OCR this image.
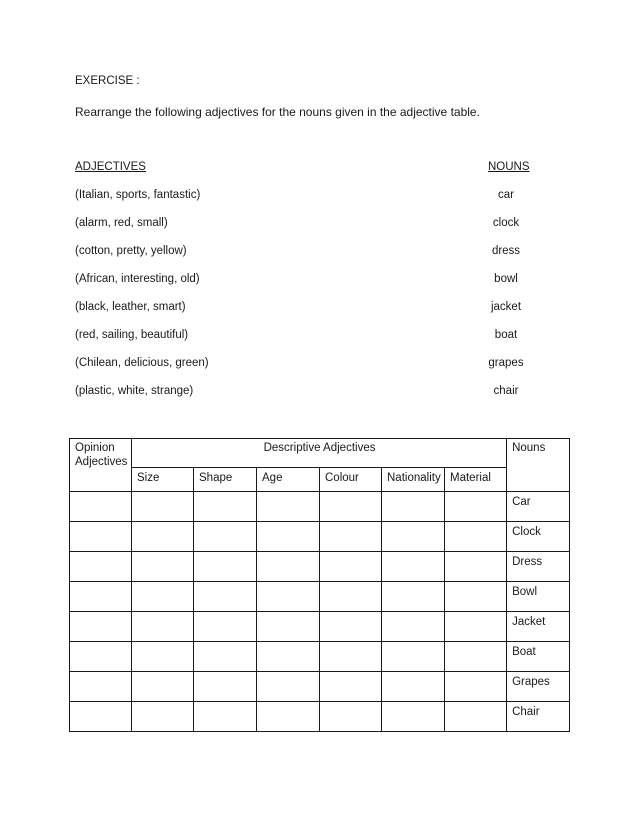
EXERCISE :
Rearrange the following adjectives for the nouns given in the adjective table.
ADJECTIVES	NOUNS
(Italian, sports, fantastic)	car
(alarm, red, small)	clock
(cotton, pretty, yellow)	dress
(African, interesting, old)	bowl
(black, leather, smart)	jacket
(red, sailing, beautiful)	boat
(Chilean, delicious, green)	grapes
(plastic, white, strange)	chair
Opinion Adjectives	Descriptive Adjectives						Nouns
	Size	Shape	Age	Colour	Nationality	Material	
							Car
							Clock
							Dress
							Bowl
							Jacket
							Boat
							Grapes
							Chair
